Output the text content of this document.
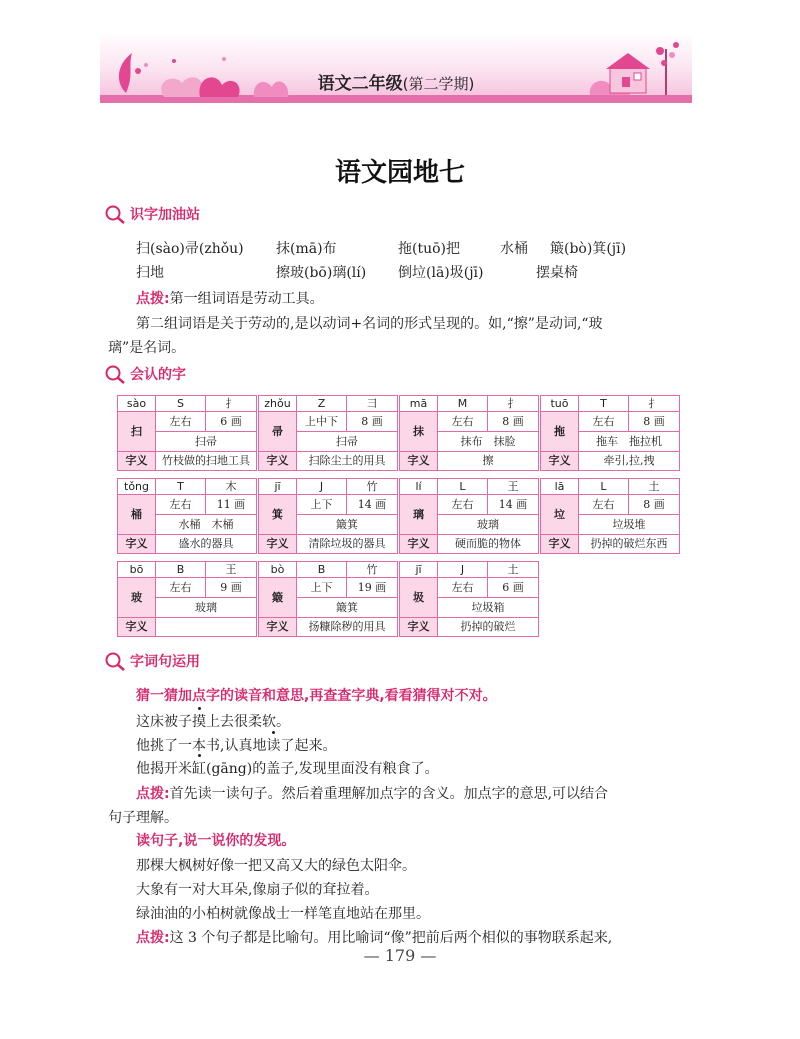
语文二年级(第二学期)
语文园地七
识字加油站
扫(sào)帚(zhǒu) 抹(mā)布	拖(tuō)把	水桶 簸(bò)箕(jī)
扫地	擦玻(bō)璃(lí) 倒垃(lā)圾(jī)	摆桌椅
点拨:第一组词语是劳动工具。
第二组词语是关于劳动的,是以动词+名词的形式呈现的。如,“擦”是动词,“玻
璃”是名词。
会认的字
sào	S	扌
扫
左右	6 画
扫帚
字义	竹枝做的扫地工具
zhǒu	Z	彐
帚
上中下	8 画
扫帚
字义	扫除尘土的用具
mā	M	扌
抹
左右	8 画
抹布　抹脸
字义	擦
tuō	T	扌
拖
左右	8 画
拖车　拖拉机
字义	牵引,拉,拽
tǒng	T	木
桶
左右	11 画
水桶　木桶
字义	盛水的器具
jī	J	竹
箕
上下	14 画
簸箕
字义	清除垃圾的器具
lí	L	王
璃
左右	14 画
玻璃
字义	硬而脆的物体
lā	L	土
垃
左右	8 画
垃圾堆
字义	扔掉的破烂东西
bō	B	王
玻
左右	9 画
玻璃
字义
bò	B	竹
簸
上下	19 画
簸箕
字义	扬糠除秽的用具
jī	J	土
圾
左右	6 画
垃圾箱
字义	扔掉的破烂
字词句运用
猜一猜加点字的读音和意思,再查查字典,看看猜得对不对。
这床被子摸上去很柔软。
他挑了一本书,认真地读了起来。
他揭开米缸(gāng)的盖子,发现里面没有粮食了。
点拨:首先读一读句子。然后着重理解加点字的含义。加点字的意思,可以结合
句子理解。
读句子,说一说你的发现。
那棵大枫树好像一把又高又大的绿色太阳伞。
大象有一对大耳朵,像扇子似的耷拉着。
绿油油的小柏树就像战士一样笔直地站在那里。
点拨:这 3 个句子都是比喻句。用比喻词“像”把前后两个相似的事物联系起来,
— 179 —
